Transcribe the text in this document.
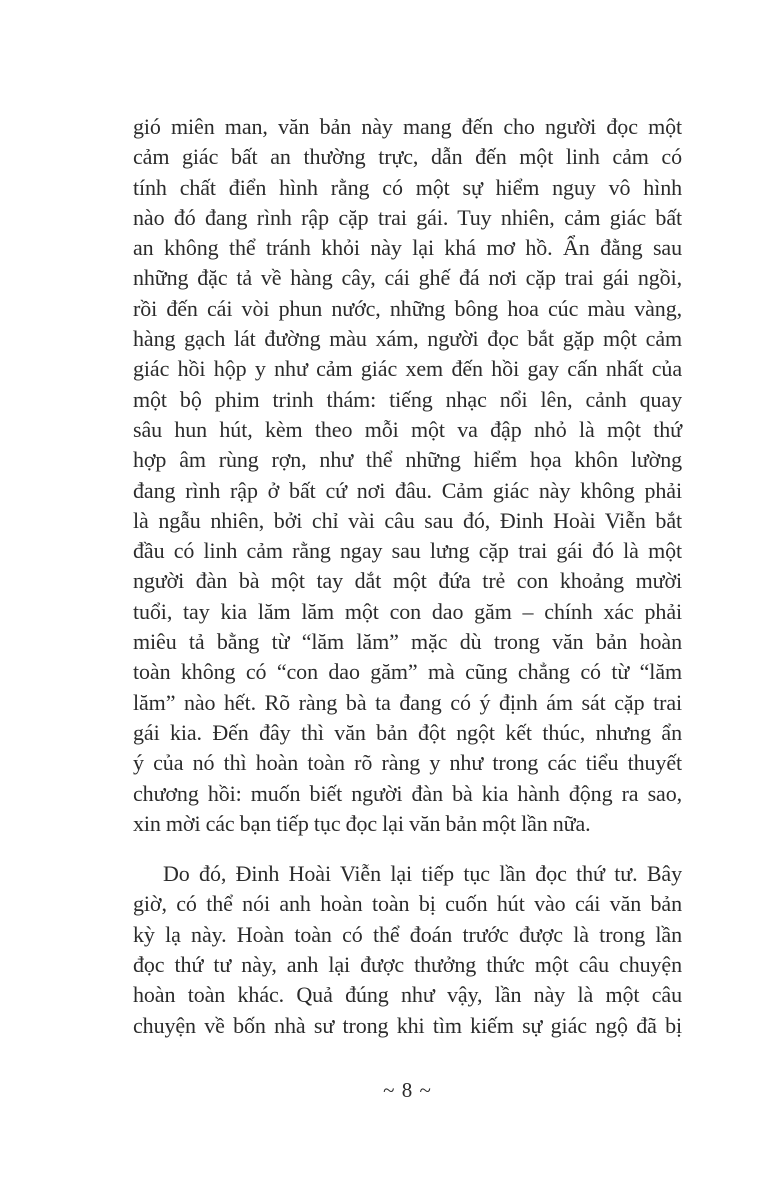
gió miên man, văn bản này mang đến cho người đọc một
cảm giác bất an thường trực, dẫn đến một linh cảm có
tính chất điển hình rằng có một sự hiểm nguy vô hình
nào đó đang rình rập cặp trai gái. Tuy nhiên, cảm giác bất
an không thể tránh khỏi này lại khá mơ hồ. Ẩn đằng sau
những đặc tả về hàng cây, cái ghế đá nơi cặp trai gái ngồi,
rồi đến cái vòi phun nước, những bông hoa cúc màu vàng,
hàng gạch lát đường màu xám, người đọc bắt gặp một cảm
giác hồi hộp y như cảm giác xem đến hồi gay cấn nhất của
một bộ phim trinh thám: tiếng nhạc nổi lên, cảnh quay
sâu hun hút, kèm theo mỗi một va đập nhỏ là một thứ
hợp âm rùng rợn, như thể những hiểm họa khôn lường
đang rình rập ở bất cứ nơi đâu. Cảm giác này không phải
là ngẫu nhiên, bởi chỉ vài câu sau đó, Đinh Hoài Viễn bắt
đầu có linh cảm rằng ngay sau lưng cặp trai gái đó là một
người đàn bà một tay dắt một đứa trẻ con khoảng mười
tuổi, tay kia lăm lăm một con dao găm – chính xác phải
miêu tả bằng từ “lăm lăm” mặc dù trong văn bản hoàn
toàn không có “con dao găm” mà cũng chẳng có từ “lăm
lăm” nào hết. Rõ ràng bà ta đang có ý định ám sát cặp trai
gái kia. Đến đây thì văn bản đột ngột kết thúc, nhưng ẩn
ý của nó thì hoàn toàn rõ ràng y như trong các tiểu thuyết
chương hồi: muốn biết người đàn bà kia hành động ra sao,
xin mời các bạn tiếp tục đọc lại văn bản một lần nữa.

Do đó, Đinh Hoài Viễn lại tiếp tục lần đọc thứ tư. Bây
giờ, có thể nói anh hoàn toàn bị cuốn hút vào cái văn bản
kỳ lạ này. Hoàn toàn có thể đoán trước được là trong lần
đọc thứ tư này, anh lại được thưởng thức một câu chuyện
hoàn toàn khác. Quả đúng như vậy, lần này là một câu
chuyện về bốn nhà sư trong khi tìm kiếm sự giác ngộ đã bị

~ 8 ~
